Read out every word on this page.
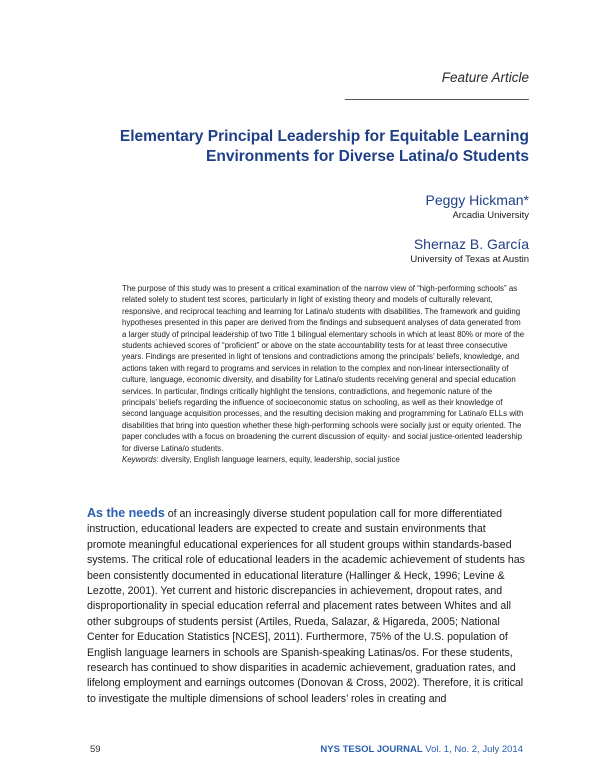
Feature Article
Elementary Principal Leadership for Equitable Learning Environments for Diverse Latina/o Students
Peggy Hickman*
Arcadia University
Shernaz B. García
University of Texas at Austin
The purpose of this study was to present a critical examination of the narrow view of “high-performing schools” as related solely to student test scores, particularly in light of existing theory and models of culturally relevant, responsive, and reciprocal teaching and learning for Latina/o students with disabilities. The framework and guiding hypotheses presented in this paper are derived from the findings and subsequent analyses of data generated from a larger study of principal leadership of two Title 1 bilingual elementary schools in which at least 80% or more of the students achieved scores of “proficient” or above on the state accountability tests for at least three consecutive years. Findings are presented in light of tensions and contradictions among the principals’ beliefs, knowledge, and actions taken with regard to programs and services in relation to the complex and non-linear intersectionality of culture, language, economic diversity, and disability for Latina/o students receiving general and special education services. In particular, findings critically highlight the tensions, contradictions, and hegemonic nature of the principals’ beliefs regarding the influence of socioeconomic status on schooling, as well as their knowledge of second language acquisition processes, and the resulting decision making and programming for Latina/o ELLs with disabilities that bring into question whether these high-performing schools were socially just or equity oriented. The paper concludes with a focus on broadening the current discussion of equity- and social justice-oriented leadership for diverse Latina/o students.
Keywords: diversity, English language learners, equity, leadership, social justice
As the needs of an increasingly diverse student population call for more differentiated instruction, educational leaders are expected to create and sustain environments that promote meaningful educational experiences for all student groups within standards-based systems. The critical role of educational leaders in the academic achievement of students has been consistently documented in educational literature (Hallinger & Heck, 1996; Levine & Lezotte, 2001). Yet current and historic discrepancies in achievement, dropout rates, and disproportionality in special education referral and placement rates between Whites and all other subgroups of students persist (Artiles, Rueda, Salazar, & Higareda, 2005; National Center for Education Statistics [NCES], 2011). Furthermore, 75% of the U.S. population of English language learners in schools are Spanish-speaking Latinas/os. For these students, research has continued to show disparities in academic achievement, graduation rates, and lifelong employment and earnings outcomes (Donovan & Cross, 2002). Therefore, it is critical to investigate the multiple dimensions of school leaders’ roles in creating and
59	NYS TESOL JOURNAL Vol. 1, No. 2, July 2014
